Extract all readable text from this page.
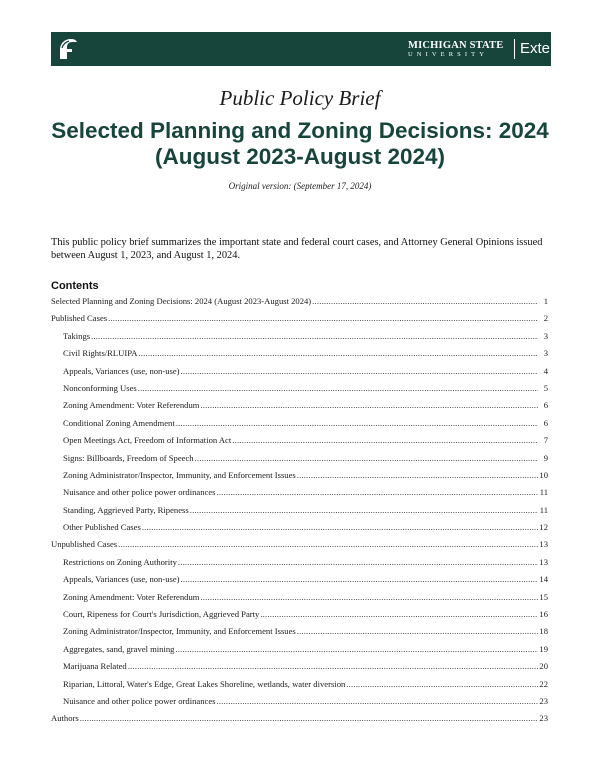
MICHIGAN STATE
UNIVERSITY Extension
Public Policy Brief
Selected Planning and Zoning Decisions: 2024 (August 2023-August 2024)
Original version: (September 17, 2024)
This public policy brief summarizes the important state and federal court cases, and Attorney General Opinions issued between August 1, 2023, and August 1, 2024.
Contents
Selected Planning and Zoning Decisions: 2024 (August 2023-August 2024) .....	1
Published Cases .....	2
Takings .....	3
Civil Rights/RLUIPA .....	3
Appeals, Variances (use, non-use) .....	4
Nonconforming Uses .....	5
Zoning Amendment: Voter Referendum .....	6
Conditional Zoning Amendment .....	6
Open Meetings Act, Freedom of Information Act .....	7
Signs: Billboards, Freedom of Speech .....	9
Zoning Administrator/Inspector, Immunity, and Enforcement Issues .....	10
Nuisance and other police power ordinances .....	11
Standing, Aggrieved Party, Ripeness .....	11
Other Published Cases .....	12
Unpublished Cases .....	13
Restrictions on Zoning Authority .....	13
Appeals, Variances (use, non-use) .....	14
Zoning Amendment: Voter Referendum .....	15
Court, Ripeness for Court's Jurisdiction, Aggrieved Party .....	16
Zoning Administrator/Inspector, Immunity, and Enforcement Issues .....	18
Aggregates, sand, gravel mining .....	19
Marijuana Related .....	20
Riparian, Littoral, Water's Edge, Great Lakes Shoreline, wetlands, water diversion .....	22
Nuisance and other police power ordinances .....	23
Authors .....	23
